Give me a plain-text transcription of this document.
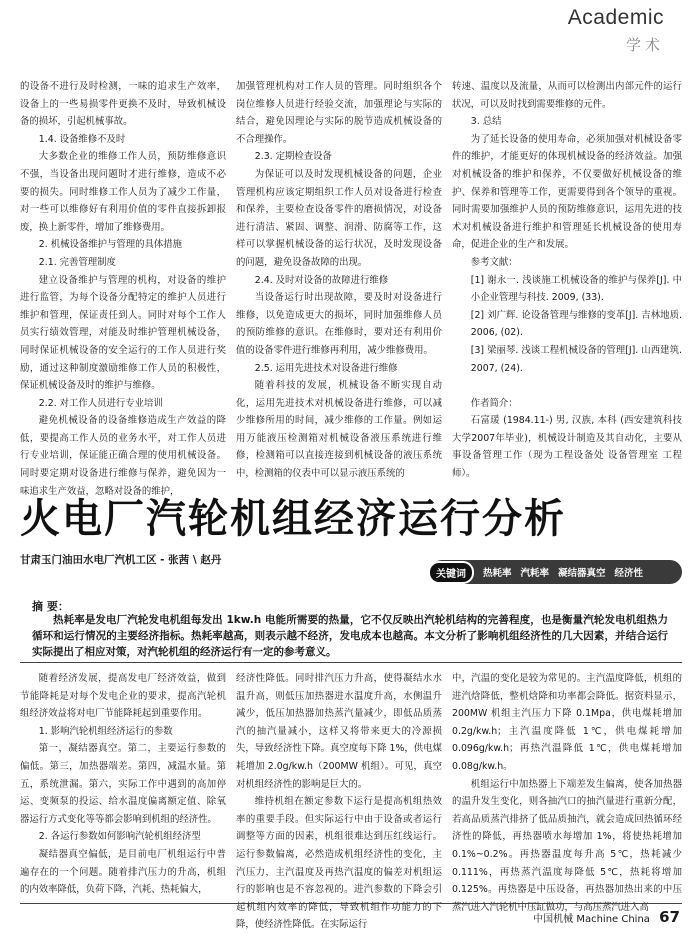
Academic
学术

的设备不进行及时检测，一味的追求生产效率，设备上的一些易损零件更换不及时，导致机械设备的损坏，引起机械事故。

1.4. 设备维修不及时

大多数企业的维修工作人员，预防维修意识不强，当设备出现问题时才进行维修，造成不必要的损失。同时维修工作人员为了减少工作量，对一些可以维修好有利用价值的零件直接拆卸报废，换上新零件，增加了维修费用。

2. 机械设备维护与管理的具体措施

2.1. 完善管理制度

建立设备维护与管理的机构，对设备的维护进行监管，为每个设备分配特定的维护人员进行维护和管理，保证责任到人。同时对每个工作人员实行绩效管理，对能及时维护管理机械设备，同时保证机械设备的安全运行的工作人员进行奖励，通过这种制度激励维修工作人员的积极性，保证机械设备及时的维护与维修。

2.2. 对工作人员进行专业培训

避免机械设备的设备维修造成生产效益的降低，要提高工作人员的业务水平，对工作人员进行专业培训，保证能正确合理的使用机械设备。同时要定期对设备进行维修与保养，避免因为一味追求生产效益，忽略对设备的维护，

加强管理机构对工作人员的管理。同时组织各个岗位维修人员进行经验交流，加强理论与实际的结合，避免因理论与实际的脱节造成机械设备的不合理操作。

2.3. 定期检查设备

为保证可以及时发现机械设备的问题，企业管理机构应该定期组织工作人员对设备进行检查和保养，主要检查设备零件的磨损情况，对设备进行清洁、紧固、调整、润滑、防腐等工作，这样可以掌握机械设备的运行状况，及时发现设备的问题，避免设备故障的出现。

2.4. 及时对设备的故障进行维修

当设备运行时出现故障，要及时对设备进行维修，以免造成更大的损坏，同时加强维修人员的预防维修的意识。在维修时，要对还有利用价值的设备零件进行维修再利用，减少维修费用。

2.5. 运用先进技术对设备进行维修

随着科技的发展，机械设备不断实现自动化，运用先进技术对机械设备进行维修，可以减少维修所用的时间，减少维修的工作量。例如运用万能液压检测箱对机械设备液压系统进行维修，检测箱可以直接连接到机械设备的液压系统中，检测箱的仪表中可以显示液压系统的

转速、温度以及流量，从而可以检测出内部元件的运行状况，可以及时找到需要维修的元件。

3. 总结

为了延长设备的使用寿命，必须加强对机械设备零件的维护，才能更好的体现机械设备的经济效益。加强对机械设备的维护和保养，不仅要做好机械设备的维护、保养和管理等工作，更需要得到各个领导的重视。同时需要加强维护人员的预防维修意识，运用先进的技术对机械设备进行维护和管理延长机械设备的使用寿命，促进企业的生产和发展。

参考文献：

[1] 谢永一. 浅谈施工机械设备的维护与保养[J]. 中小企业管理与科技. 2009, (33).

[2] 刘广辉. 论设备管理与维修的变革[J]. 吉林地质. 2006, (02).

[3] 梁丽琴. 浅谈工程机械设备的管理[J]. 山西建筑. 2007, (24).

作者简介：

石富瑗 (1984.11-) 男, 汉族, 本科 (西安建筑科技大学2007年毕业)，机械设计制造及其自动化，主要从事设备管理工作（现为工程设备处 设备管理室 工程师）。

火电厂汽轮机组经济运行分析
甘肃玉门油田水电厂汽机工区 - 张茜 \ 赵丹
关键词	热耗率 汽耗率 凝结器真空 经济性
摘 要：
热耗率是发电厂汽轮发电机组每发出 1kw.h 电能所需要的热量，它不仅反映出汽轮机结构的完善程度，也是衡量汽轮发电机组热力循环和运行情况的主要经济指标。热耗率越高，则表示越不经济，发电成本也越高。本文分析了影响机组经济性的几大因素，并结合运行实际提出了相应对策，对汽轮机组的经济运行有一定的参考意义。

随着经济发展，提高发电厂经济效益，做到节能降耗是对每个发电企业的要求，提高汽轮机组经济效益将对电厂节能降耗起到重要作用。

1. 影响汽轮机组经济运行的参数

第一，凝结器真空。第二，主要运行参数的偏低。第三，加热器端差。第四，减温水量。第五，系统泄漏。第六，实际工作中遇到的高加停运、变频泵的投运、给水温度偏离额定值、除氧器运行方式变化等等都会影响到机组的经济性。

2. 各运行参数如何影响汽轮机组经济型

凝结器真空偏低，是目前电厂机组运行中普遍存在的一个问题。随着排汽压力的升高，机组的内效率降低，负荷下降，汽耗、热耗偏大，

经济性降低。同时排汽压力升高，使得凝结水水温升高，则低压加热器进水温度升高，水侧温升减少，低压加热器加热蒸汽量减少，即低品质蒸汽的抽汽量减小，这样又将带来更大的冷源损失，导致经济性下降。真空度每下降 1%，供电煤耗增加 2.0g/kw.h（200MW 机组）。可见，真空对机组经济性的影响是巨大的。

维持机组在额定参数下运行是提高机组热效率的重要手段。但实际运行中由于设备或者运行调整等方面的因素，机组很难达到压红线运行。运行参数偏离，必然造成机组经济性的变化，主汽压力，主汽温度及再热汽温度的偏差对机组运行的影响也是不容忽视的。进汽参数的下降会引起机组内效率的降低，导致机组作功能力的下降，使经济性降低。在实际运行

中，汽温的变化是较为常见的。主汽温度降低，机组的进汽焓降低，整机焓降和功率都会降低。据资料显示，200MW 机组主汽压力下降 0.1Mpa，供电煤耗增加 0.2g/kw.h；主汽温度降低 1℃，供电煤耗增加 0.096g/kw.h；再热汽温降低 1℃，供电煤耗增加 0.08g/kw.h。

机组运行中加热器上下端差发生偏离，使各加热器的温升发生变化，则各抽汽口的抽汽量进行重新分配，若高品质蒸汽排挤了低品质抽汽，就会造成回热循环经济性的降低，再热器喷水每增加 1%，将使热耗增加 0.1%~0.2%。再热器温度每升高 5℃，热耗减少 0.111%，再热蒸汽温度每降低 5℃，热耗将增加 0.125%。再热器是中压设备，再热器加热出来的中压蒸汽进入汽轮机中压缸做功，与高压蒸汽进入高

中国机械 Machine China 67
